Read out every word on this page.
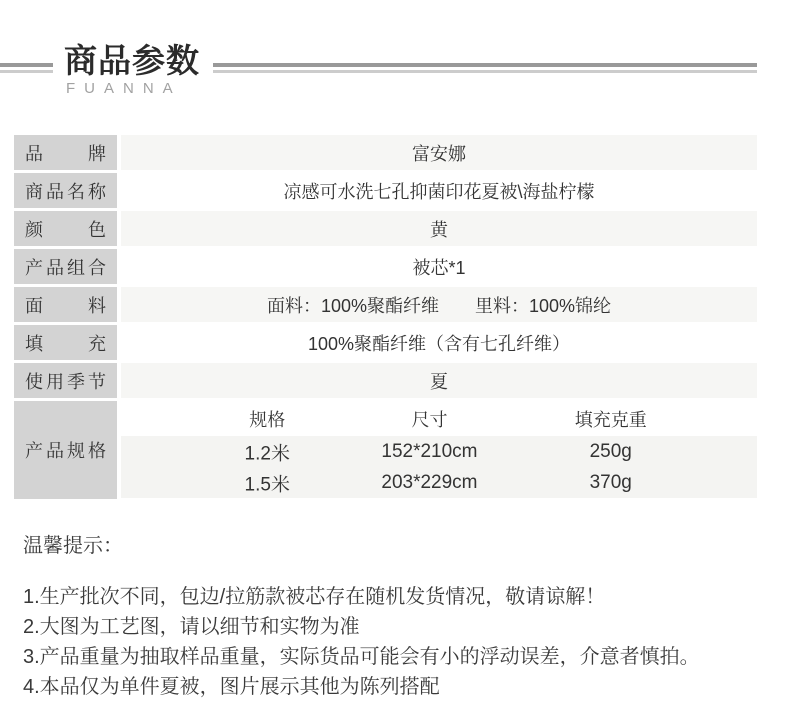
商品参数
FUANNA
品	牌	富安娜
商 品 名 称	凉感可水洗七孔抑菌印花夏被\海盐柠檬
颜	色	黄
产 品 组 合	被芯*1
面	料	面料：100%聚酯纤维　　里料：100%锦纶
填	充	100%聚酯纤维（含有七孔纤维）
使 用 季 节	夏
产 品 规 格
规格	尺寸	填充克重
1.2米	152*210cm	250g
1.5米	203*229cm	370g
温馨提示：
1.生产批次不同，包边/拉筋款被芯存在随机发货情况，敬请谅解！
2.大图为工艺图，请以细节和实物为准
3.产品重量为抽取样品重量，实际货品可能会有小的浮动误差，介意者慎拍。
4.本品仅为单件夏被，图片展示其他为陈列搭配
